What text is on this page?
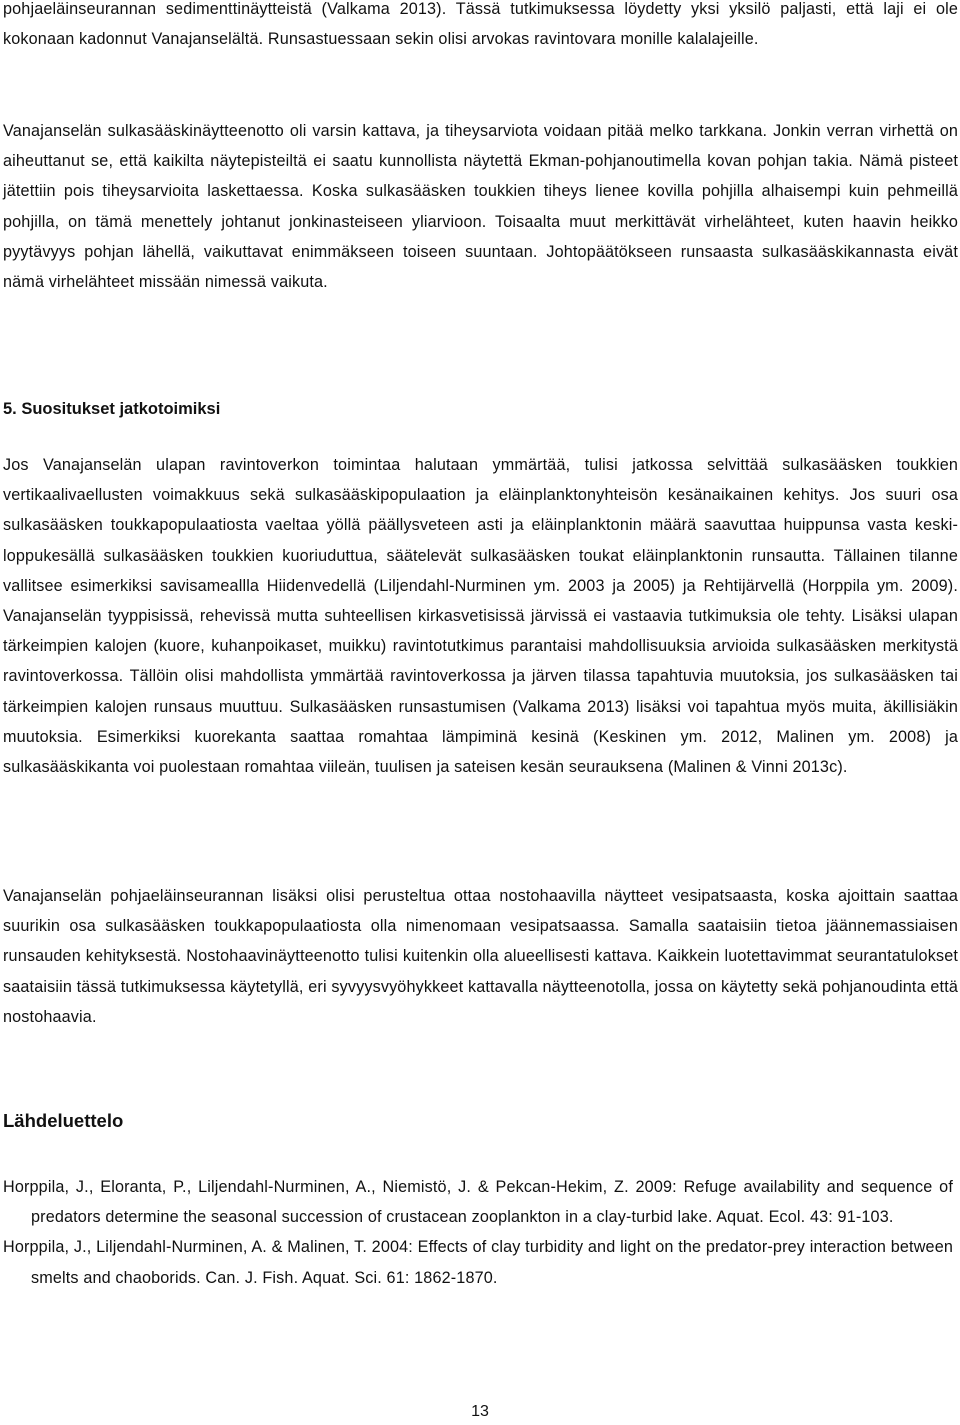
pohjaeläinseurannan sedimenttinäytteistä (Valkama 2013). Tässä tutkimuksessa löydetty yksi yksilö paljasti, että laji ei ole kokonaan kadonnut Vanajanselältä. Runsastuessaan sekin olisi arvokas ravintovara monille kalalajeille.

Vanajanselän sulkasääskinäytteenotto oli varsin kattava, ja tiheysarviota voidaan pitää melko tarkkana. Jonkin verran virhettä on aiheuttanut se, että kaikilta näytepisteiltä ei saatu kunnollista näytettä Ekman-pohjanoutimella kovan pohjan takia. Nämä pisteet jätettiin pois tiheysarvioita laskettaessa. Koska sulkasääsken toukkien tiheys lienee kovilla pohjilla alhaisempi kuin pehmeillä pohjilla, on tämä menettely johtanut jonkinasteiseen yliarvioon. Toisaalta muut merkittävät virhelähteet, kuten haavin heikko pyytävyys pohjan lähellä, vaikuttavat enimmäkseen toiseen suuntaan. Johtopäätökseen runsaasta sulkasääskikannasta eivät nämä virhelähteet missään nimessä vaikuta.

5. Suositukset jatkotoimiksi

Jos Vanajanselän ulapan ravintoverkon toimintaa halutaan ymmärtää, tulisi jatkossa selvittää sulkasääsken toukkien vertikaalivaellusten voimakkuus sekä sulkasääskipopulaation ja eläinplanktonyhteisön kesänaikainen kehitys. Jos suuri osa sulkasääsken toukkapopulaatiosta vaeltaa yöllä päällysveteen asti ja eläinplanktonin määrä saavuttaa huippunsa vasta keski-loppukesällä sulkasääsken toukkien kuoriuduttua, säätelevät sulkasääsken toukat eläinplanktonin runsautta. Tällainen tilanne vallitsee esimerkiksi savisameallla Hiidenvedellä (Liljendahl-Nurminen ym. 2003 ja 2005) ja Rehtijärvellä (Horppila ym. 2009). Vanajanselän tyyppisissä, rehevissä mutta suhteellisen kirkasvetisissä järvissä ei vastaavia tutkimuksia ole tehty. Lisäksi ulapan tärkeimpien kalojen (kuore, kuhanpoikaset, muikku) ravintotutkimus parantaisi mahdollisuuksia arvioida sulkasääsken merkitystä ravintoverkossa. Tällöin olisi mahdollista ymmärtää ravintoverkossa ja järven tilassa tapahtuvia muutoksia, jos sulkasääsken tai tärkeimpien kalojen runsaus muuttuu. Sulkasääsken runsastumisen (Valkama 2013) lisäksi voi tapahtua myös muita, äkillisiäkin muutoksia. Esimerkiksi kuorekanta saattaa romahtaa lämpiminä kesinä (Keskinen ym. 2012, Malinen ym. 2008) ja sulkasääskikanta voi puolestaan romahtaa viileän, tuulisen ja sateisen kesän seurauksena (Malinen & Vinni 2013c).

Vanajanselän pohjaeläinseurannan lisäksi olisi perusteltua ottaa nostohaavilla näytteet vesipatsaasta, koska ajoittain saattaa suurikin osa sulkasääsken toukkapopulaatiosta olla nimenomaan vesipatsaassa. Samalla saataisiin tietoa jäännemassiaisen runsauden kehityksestä. Nostohaavinäytteenotto tulisi kuitenkin olla alueellisesti kattava. Kaikkein luotettavimmat seurantatulokset saataisiin tässä tutkimuksessa käytetyllä, eri syvyysvyöhykkeet kattavalla näytteenotolla, jossa on käytetty sekä pohjanoudinta että nostohaavia.

Lähdeluettelo

Horppila, J., Eloranta, P., Liljendahl-Nurminen, A., Niemistö, J. & Pekcan-Hekim, Z. 2009: Refuge availability and sequence of predators determine the seasonal succession of crustacean zooplankton in a clay-turbid lake. Aquat. Ecol. 43: 91-103.

Horppila, J., Liljendahl-Nurminen, A. & Malinen, T. 2004: Effects of clay turbidity and light on the predator-prey interaction between smelts and chaoborids. Can. J. Fish. Aquat. Sci. 61: 1862-1870.

13
